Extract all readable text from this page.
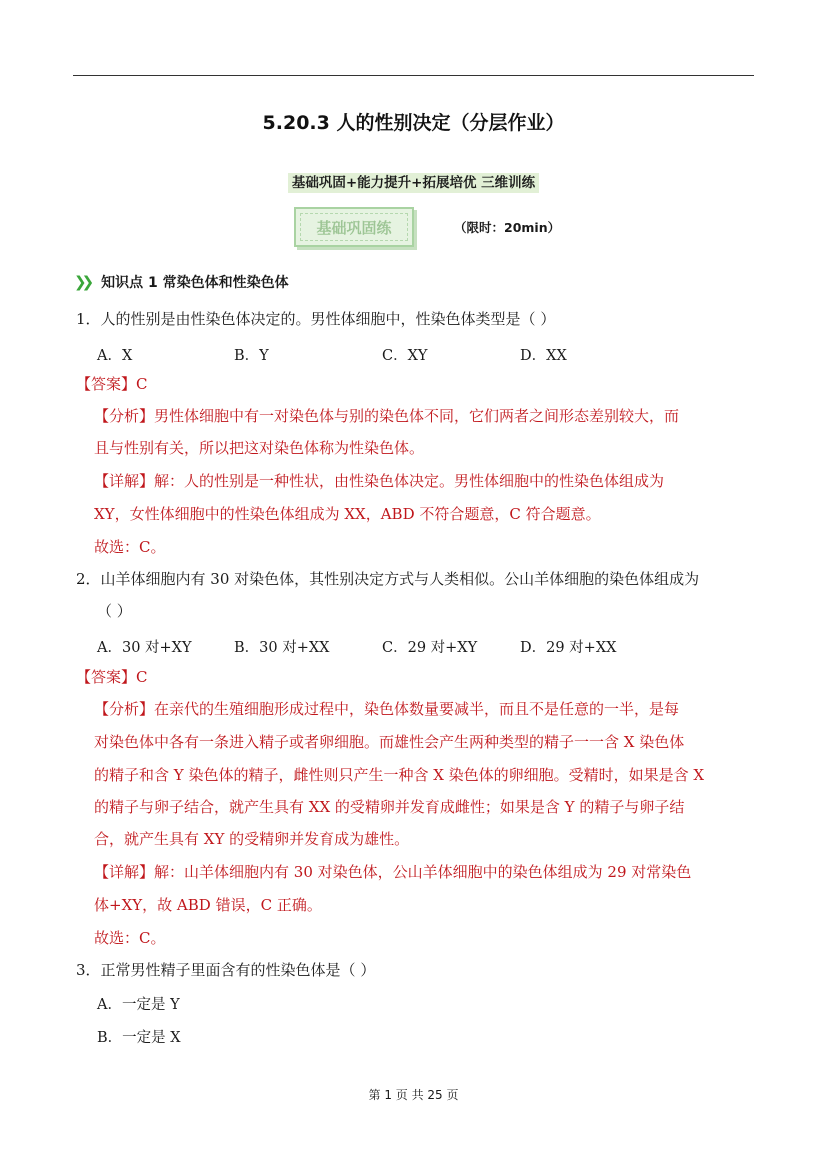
5.20.3 人的性别决定（分层作业）
基础巩固+能力提升+拓展培优 三维训练
基础巩固练	（限时：20min）
❯❯ 知识点 1 常染色体和性染色体
1．人的性别是由性染色体决定的。男性体细胞中，性染色体类型是（ ）
A．X	B．Y	C．XY	D．XX
【答案】C
【分析】男性体细胞中有一对染色体与别的染色体不同，它们两者之间形态差别较大，而
且与性别有关，所以把这对染色体称为性染色体。
【详解】解：人的性别是一种性状，由性染色体决定。男性体细胞中的性染色体组成为
XY，女性体细胞中的性染色体组成为 XX，ABD 不符合题意，C 符合题意。
故选：C。
2．山羊体细胞内有 30 对染色体，其性别决定方式与人类相似。公山羊体细胞的染色体组成为
（ ）
A．30 对+XY	B．30 对+XX	C．29 对+XY	D．29 对+XX
【答案】C
【分析】在亲代的生殖细胞形成过程中，染色体数量要减半，而且不是任意的一半，是每
对染色体中各有一条进入精子或者卵细胞。而雄性会产生两种类型的精子一一含 X 染色体
的精子和含 Y 染色体的精子，雌性则只产生一种含 X 染色体的卵细胞。受精时，如果是含 X
的精子与卵子结合，就产生具有 XX 的受精卵并发育成雌性；如果是含 Y 的精子与卵子结
合，就产生具有 XY 的受精卵并发育成为雄性。
【详解】解：山羊体细胞内有 30 对染色体，公山羊体细胞中的染色体组成为 29 对常染色
体+XY，故 ABD 错误，C 正确。
故选：C。
3．正常男性精子里面含有的性染色体是（ ）
A．一定是 Y
B．一定是 X
第 1 页 共 25 页
